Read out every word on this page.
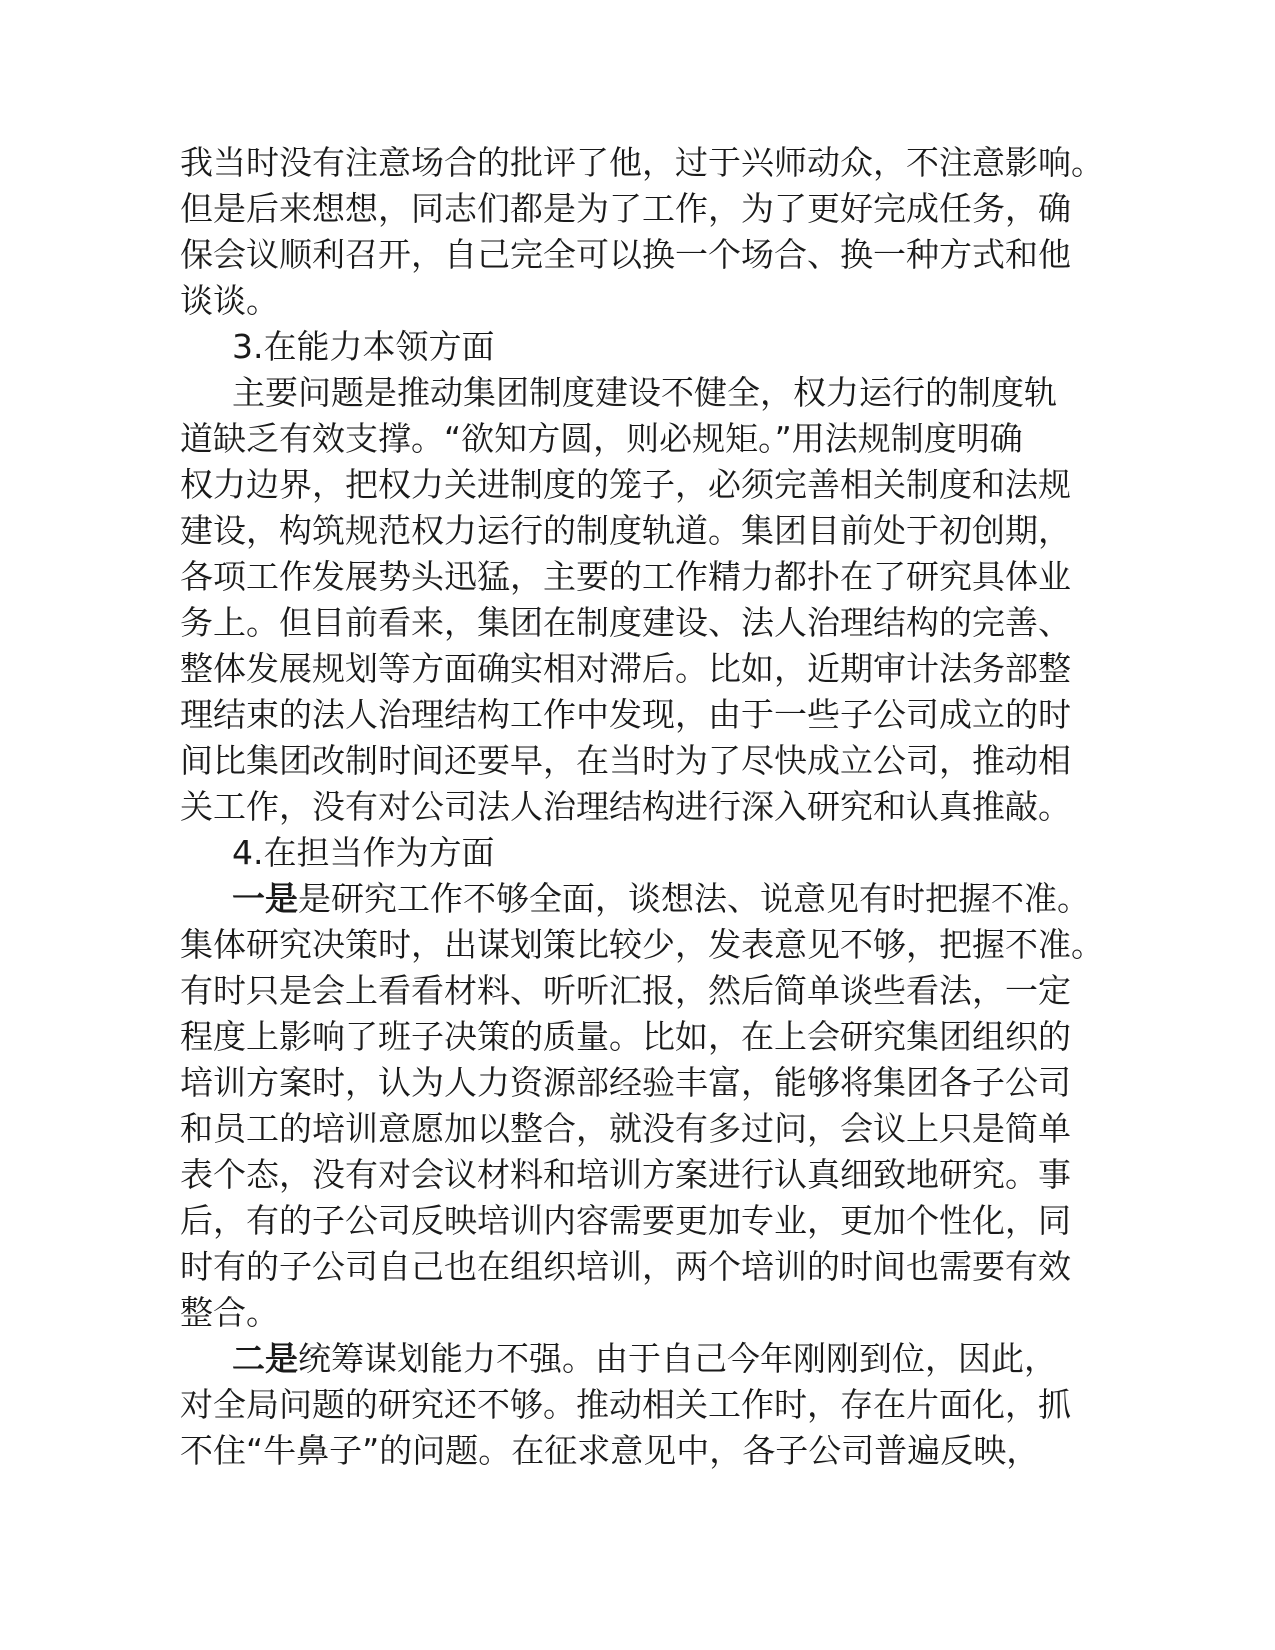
我当时没有注意场合的批评了他，过于兴师动众，不注意影响。
但是后来想想，同志们都是为了工作，为了更好完成任务，确
保会议顺利召开，自己完全可以换一个场合、换一种方式和他
谈谈。
3.在能力本领方面
主要问题是推动集团制度建设不健全，权力运行的制度轨
道缺乏有效支撑。“欲知方圆，则必规矩。”用法规制度明确
权力边界，把权力关进制度的笼子，必须完善相关制度和法规
建设，构筑规范权力运行的制度轨道。集团目前处于初创期，
各项工作发展势头迅猛，主要的工作精力都扑在了研究具体业
务上。但目前看来，集团在制度建设、法人治理结构的完善、
整体发展规划等方面确实相对滞后。比如，近期审计法务部整
理结束的法人治理结构工作中发现，由于一些子公司成立的时
间比集团改制时间还要早，在当时为了尽快成立公司，推动相
关工作，没有对公司法人治理结构进行深入研究和认真推敲。
4.在担当作为方面
一是是研究工作不够全面，谈想法、说意见有时把握不准。
集体研究决策时，出谋划策比较少，发表意见不够，把握不准。
有时只是会上看看材料、听听汇报，然后简单谈些看法，一定
程度上影响了班子决策的质量。比如，在上会研究集团组织的
培训方案时，认为人力资源部经验丰富，能够将集团各子公司
和员工的培训意愿加以整合，就没有多过问，会议上只是简单
表个态，没有对会议材料和培训方案进行认真细致地研究。事
后，有的子公司反映培训内容需要更加专业，更加个性化，同
时有的子公司自己也在组织培训，两个培训的时间也需要有效
整合。
二是统筹谋划能力不强。由于自己今年刚刚到位，因此，
对全局问题的研究还不够。推动相关工作时，存在片面化，抓
不住“牛鼻子”的问题。在征求意见中，各子公司普遍反映，
